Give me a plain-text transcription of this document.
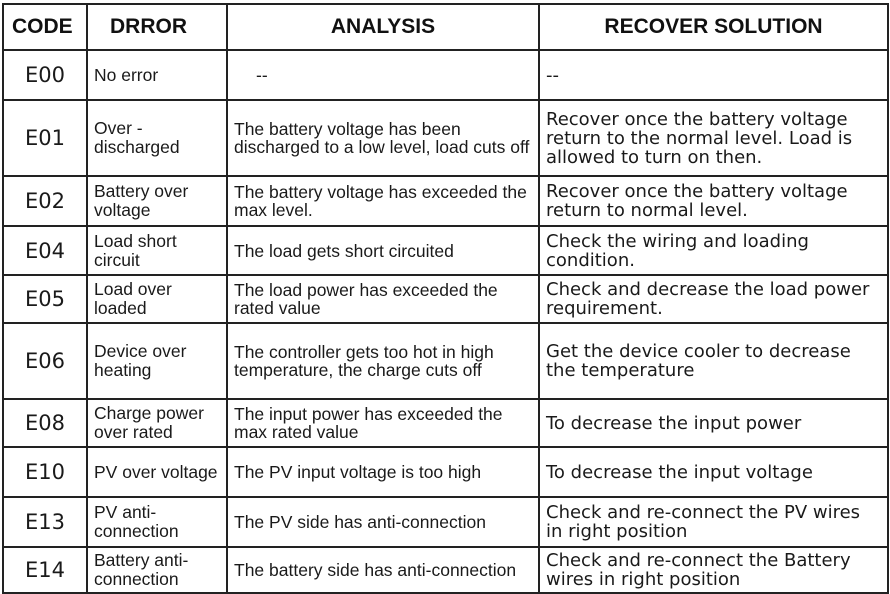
CODE	DRROR	ANALYSIS	RECOVER SOLUTION
E00	No error	--	--
E01	Over -discharged	The battery voltage has been discharged to a low level, load cuts off	Recover once the battery voltage return to the normal level. Load is allowed to turn on then.
E02	Battery over voltage	The battery voltage has exceeded the max level.	Recover once the battery voltage return to normal level.
E04	Load short circuit	The load gets short circuited	Check the wiring and loading condition.
E05	Load over loaded	The load power has exceeded the rated value	Check and decrease the load power requirement.
E06	Device over heating	The controller gets too hot in high temperature, the charge cuts off	Get the device cooler to decrease the temperature
E08	Charge power over rated	The input power has exceeded the max rated value	To decrease the input power
E10	PV over voltage	The PV input voltage is too high	To decrease the input voltage
E13	PV anti-connection	The PV side has anti-connection	Check and re-connect the PV wires in right position
E14	Battery anti-connection	The battery side has anti-connection	Check and re-connect the Battery wires in right position
